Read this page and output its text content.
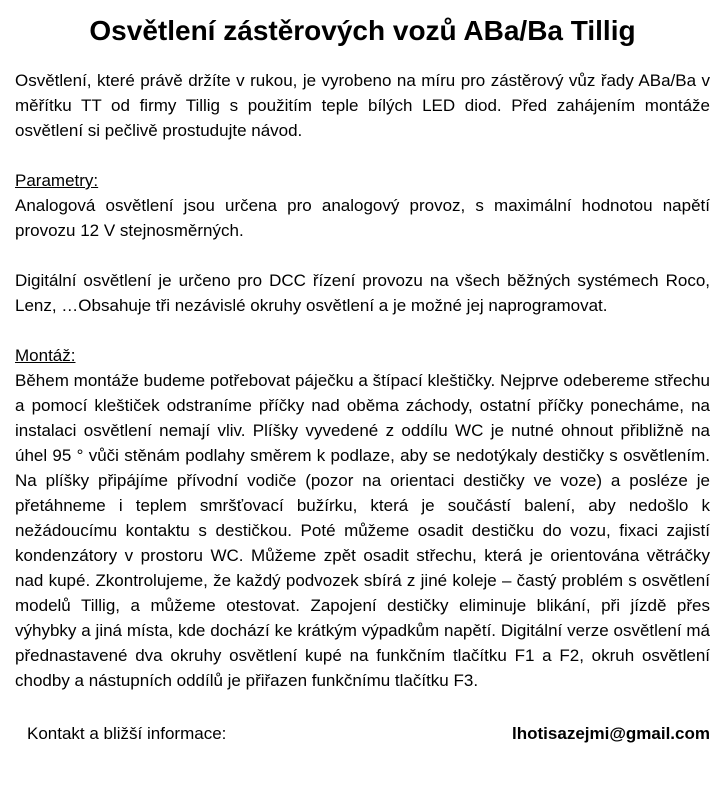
Osvětlení zástěrových vozů ABa/Ba Tillig

Osvětlení, které právě držíte v rukou, je vyrobeno na míru pro zástěrový vůz řady ABa/Ba v měřítku TT od firmy Tillig s použitím teple bílých LED diod. Před zahájením montáže osvětlení si pečlivě prostudujte návod.

Parametry:

Analogová osvětlení jsou určena pro analogový provoz, s maximální hodnotou napětí provozu 12 V stejnosměrných.

Digitální osvětlení je určeno pro DCC řízení provozu na všech běžných systémech Roco, Lenz, …Obsahuje tři nezávislé okruhy osvětlení a je možné jej naprogramovat.

Montáž:

Během montáže budeme potřebovat páječku a štípací kleštičky. Nejprve odebereme střechu a pomocí kleštiček odstraníme příčky nad oběma záchody, ostatní příčky ponecháme, na instalaci osvětlení nemají vliv. Plíšky vyvedené z oddílu WC je nutné ohnout přibližně na úhel 95 ° vůči stěnám podlahy směrem k podlaze, aby se nedotýkaly destičky s osvětlením. Na plíšky připájíme přívodní vodiče (pozor na orientaci destičky ve voze) a posléze je přetáhneme i teplem smršťovací bužírku, která je součástí balení, aby nedošlo k nežádoucímu kontaktu s destičkou. Poté můžeme osadit destičku do vozu, fixaci zajistí kondenzátory v prostoru WC. Můžeme zpět osadit střechu, která je orientována větráčky nad kupé. Zkontrolujeme, že každý podvozek sbírá z jiné koleje – častý problém s osvětlení modelů Tillig, a můžeme otestovat. Zapojení destičky eliminuje blikání, při jízdě přes výhybky a jiná místa, kde dochází ke krátkým výpadkům napětí. Digitální verze osvětlení má přednastavené dva okruhy osvětlení kupé na funkčním tlačítku F1 a F2, okruh osvětlení chodby a nástupních oddílů je přiřazen funkčnímu tlačítku F3.

Kontakt a bližší informace:	lhotisazejmi@gmail.com
